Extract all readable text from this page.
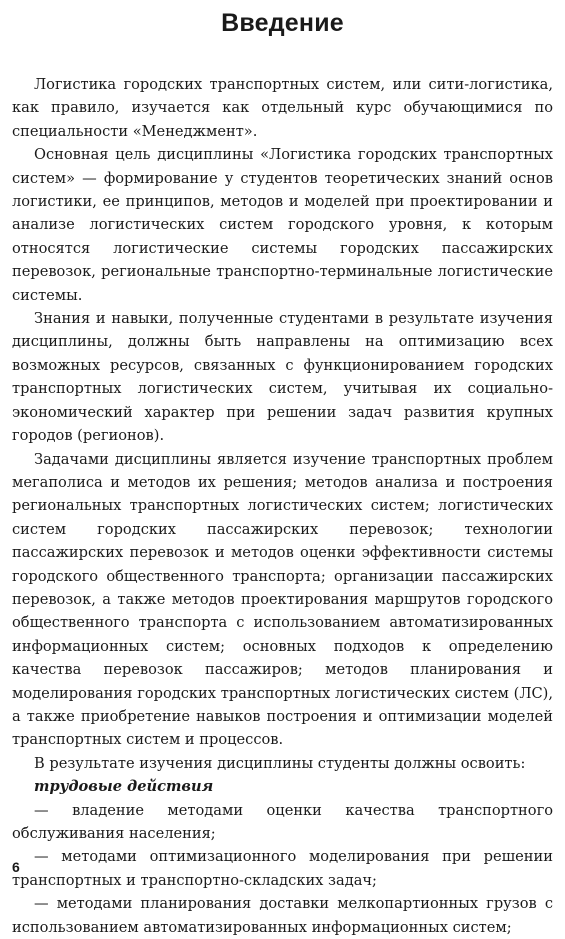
Введение

Логистика городских транспортных систем, или сити-логистика, как правило, изучается как отдельный курс обучающимися по специальности «Менеджмент».

Основная цель дисциплины «Логистика городских транспортных систем» — формирование у студентов теоретических знаний основ логистики, ее принципов, методов и моделей при проектировании и анализе логистических систем городского уровня, к которым относятся логистические системы городских пассажирских перевозок, региональные транспортно-терминальные логистические системы.

Знания и навыки, полученные студентами в результате изучения дисциплины, должны быть направлены на оптимизацию всех возможных ресурсов, связанных с функционированием городских транспортных логистических систем, учитывая их социально-экономический характер при решении задач развития крупных городов (регионов).

Задачами дисциплины является изучение транспортных проблем мегаполиса и методов их решения; методов анализа и построения региональных транспортных логистических систем; логистических систем городских пассажирских перевозок; технологии пассажирских перевозок и методов оценки эффективности системы городского общественного транспорта; организации пассажирских перевозок, а также методов проектирования маршрутов городского общественного транспорта с использованием автоматизированных информационных систем; основных подходов к определению качества перевозок пассажиров; методов планирования и моделирования городских транспортных логистических систем (ЛС), а также приобретение навыков построения и оптимизации моделей транспортных систем и процессов.

В результате изучения дисциплины студенты должны освоить:

трудовые действия

— владение методами оценки качества транспортного обслуживания населения;

— методами оптимизационного моделирования при решении транспортных и транспортно-складских задач;

— методами планирования доставки мелкопартионных грузов с использованием автоматизированных информационных систем;

6
